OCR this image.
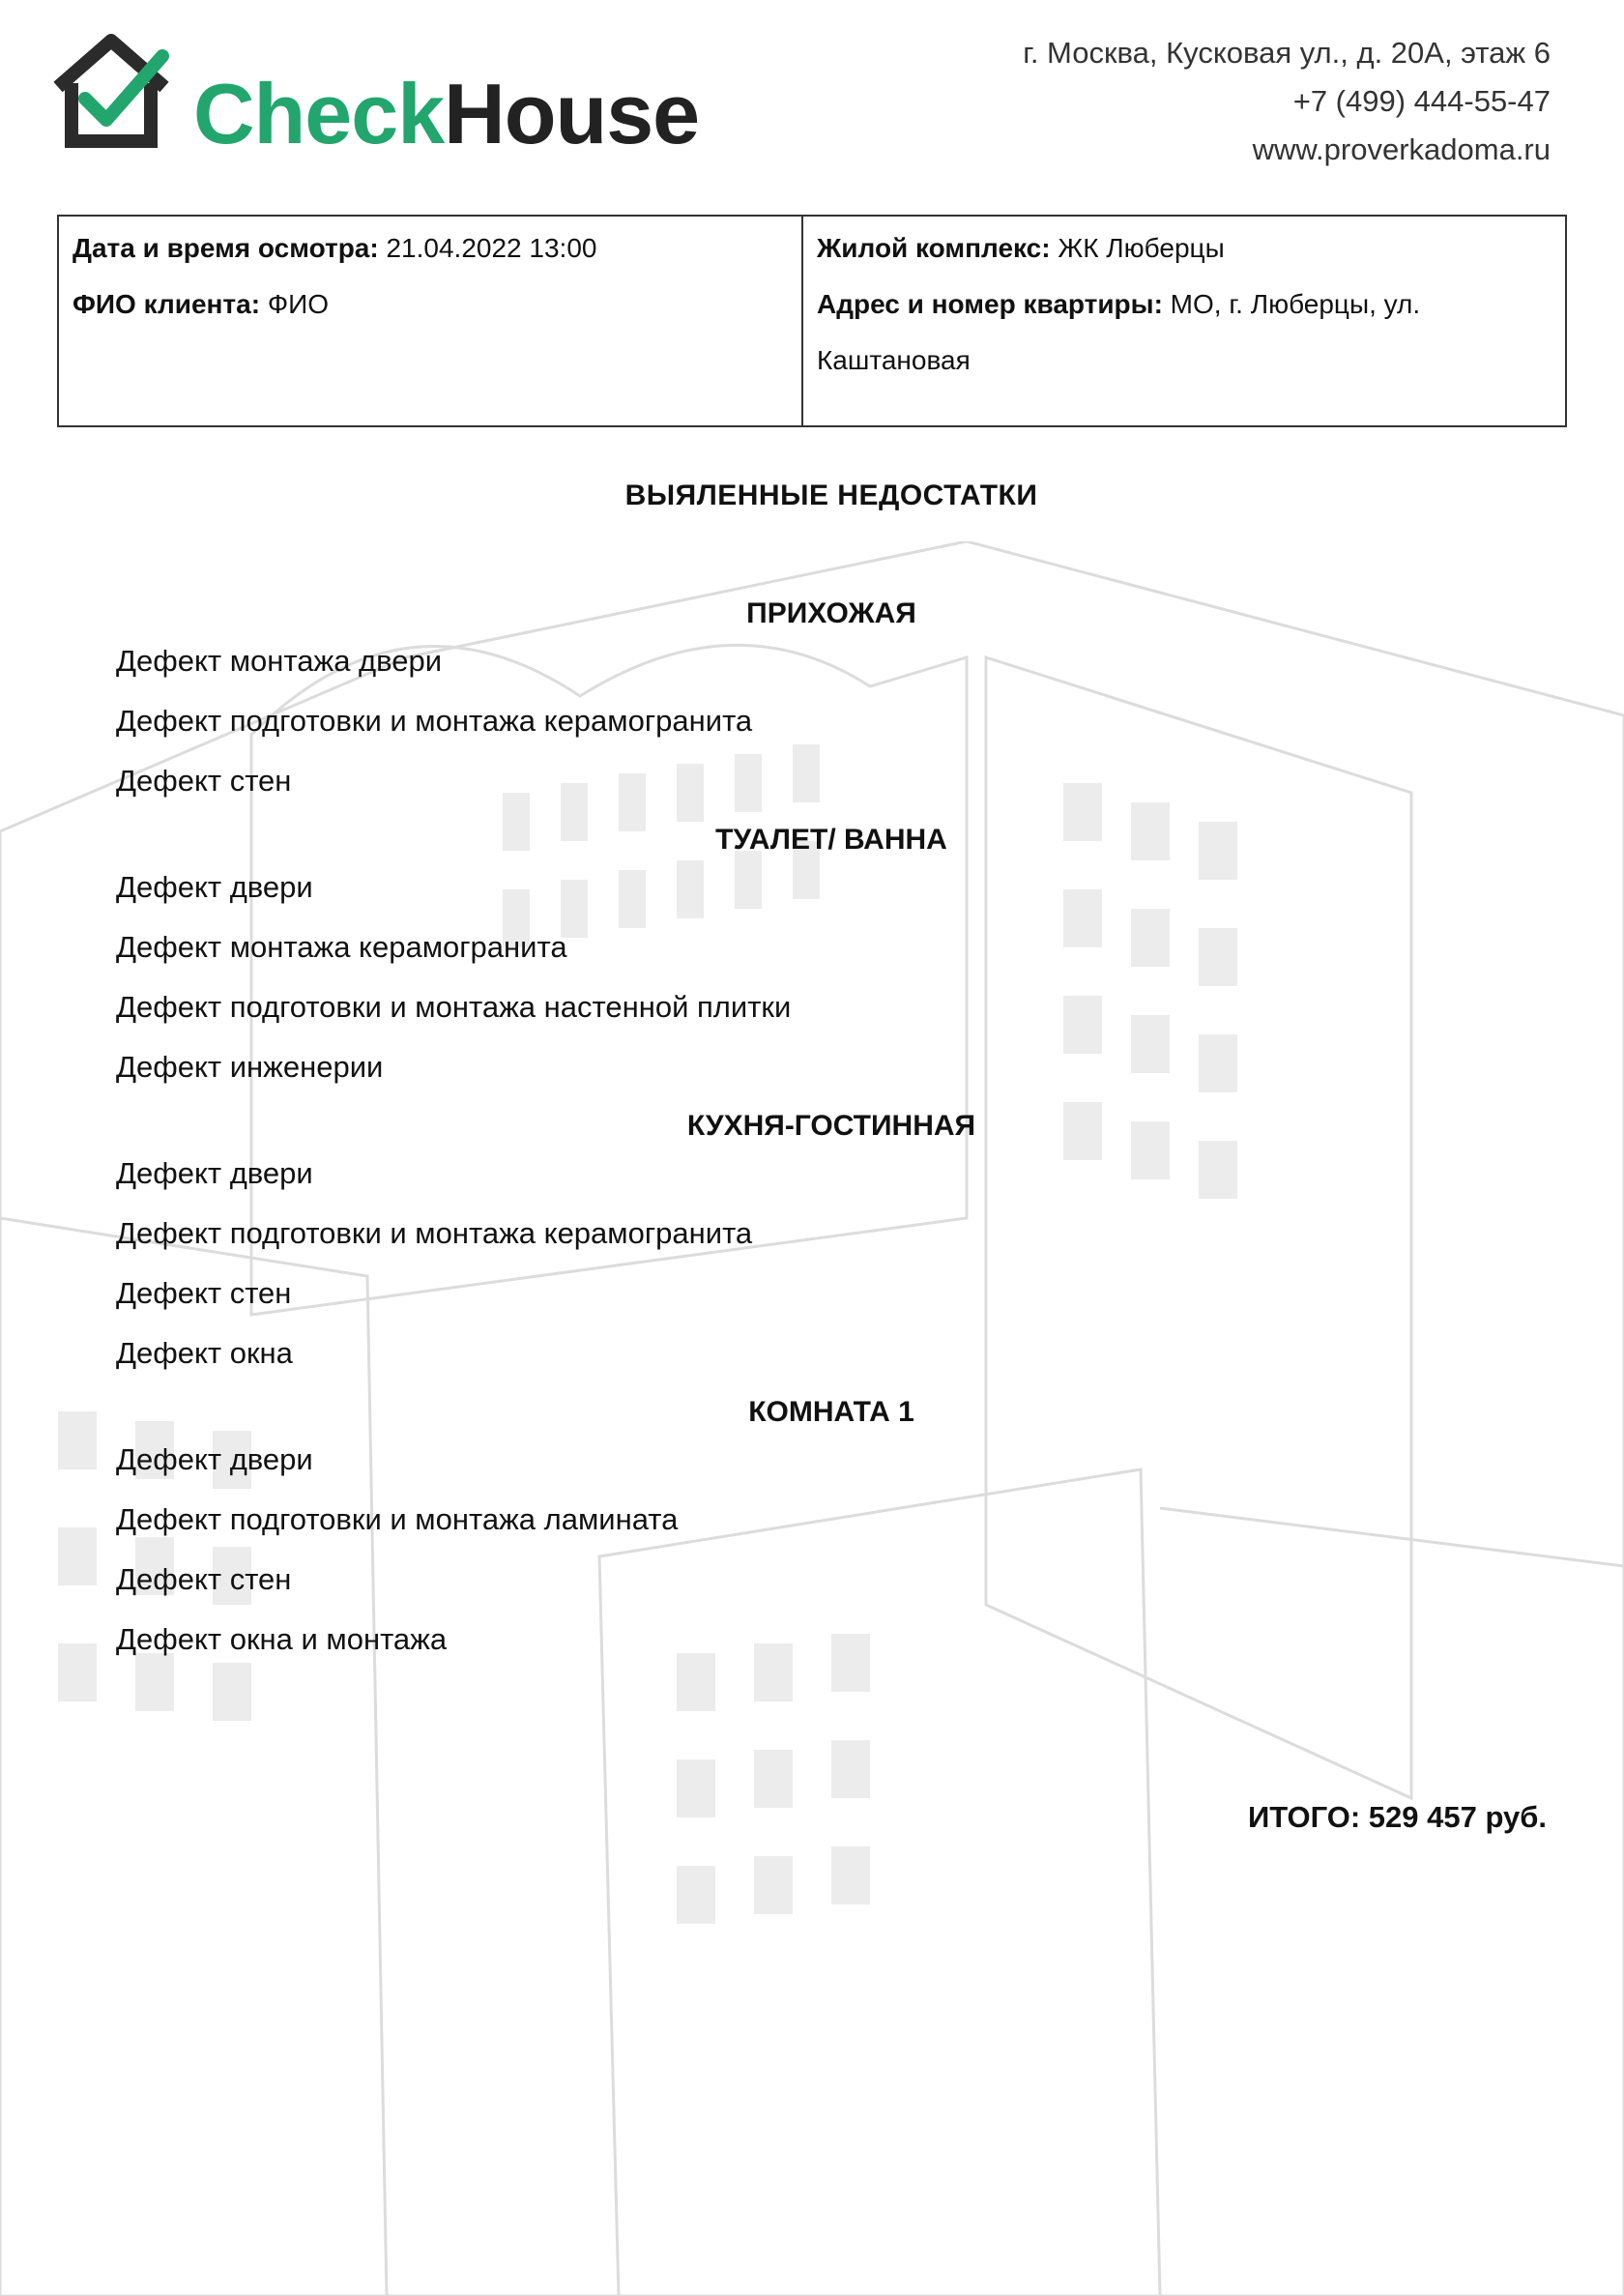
CheckHouse
г. Москва, Кусковая ул., д. 20А, этаж 6
+7 (499) 444-55-47
www.proverkadoma.ru
Дата и время осмотра: 21.04.2022 13:00
ФИО клиента: ФИО
Жилой комплекс: ЖК Люберцы
Адрес и номер квартиры: МО, г. Люберцы, ул. Каштановая
ВЫЯЛЕННЫЕ НЕДОСТАТКИ
ПРИХОЖАЯ
Дефект монтажа двери
Дефект подготовки и монтажа керамогранита
Дефект стен
ТУАЛЕТ/ ВАННА
Дефект двери
Дефект монтажа керамогранита
Дефект подготовки и монтажа настенной плитки
Дефект инженерии
КУХНЯ-ГОСТИННАЯ
Дефект двери
Дефект подготовки и монтажа керамогранита
Дефект стен
Дефект окна
КОМНАТА 1
Дефект двери
Дефект подготовки и монтажа ламината
Дефект стен
Дефект окна и монтажа
ИТОГО: 529 457 руб.
